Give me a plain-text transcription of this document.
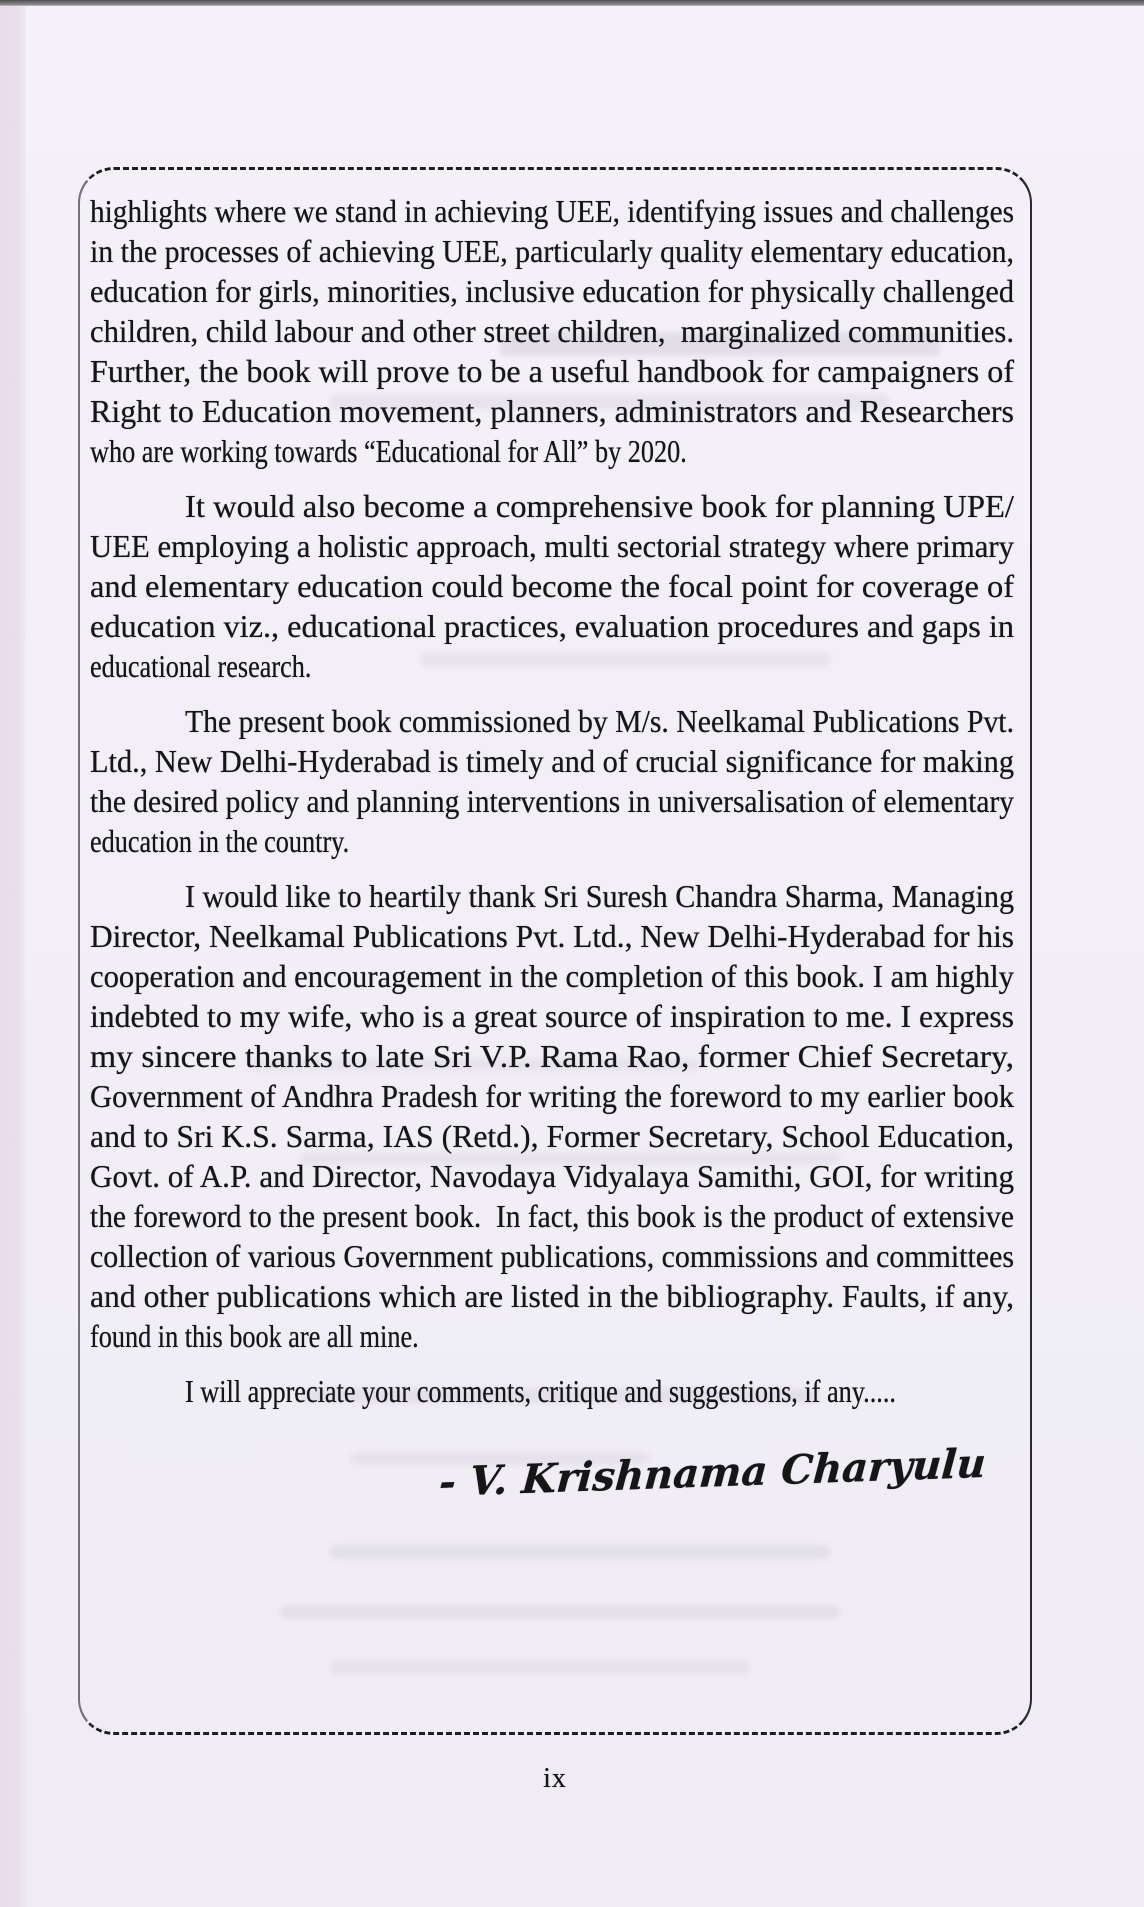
highlights where we stand in achieving UEE, identifying issues and challenges
in the processes of achieving UEE, particularly quality elementary education,
education for girls, minorities, inclusive education for physically challenged
children, child labour and other street children,  marginalized communities.
Further, the book will prove to be a useful handbook for campaigners of
Right to Education movement, planners, administrators and Researchers
who are working towards “Educational for All” by 2020.
It would also become a comprehensive book for planning UPE/
UEE employing a holistic approach, multi sectorial strategy where primary
and elementary education could become the focal point for coverage of
education viz., educational practices, evaluation procedures and gaps in
educational research.
The present book commissioned by M/s. Neelkamal Publications Pvt.
Ltd., New Delhi-Hyderabad is timely and of crucial significance for making
the desired policy and planning interventions in universalisation of elementary
education in the country.
I would like to heartily thank Sri Suresh Chandra Sharma, Managing
Director, Neelkamal Publications Pvt. Ltd., New Delhi-Hyderabad for his
cooperation and encouragement in the completion of this book. I am highly
indebted to my wife, who is a great source of inspiration to me. I express
my sincere thanks to late Sri V.P. Rama Rao, former Chief Secretary,
Government of Andhra Pradesh for writing the foreword to my earlier book
and to Sri K.S. Sarma, IAS (Retd.), Former Secretary, School Education,
Govt. of A.P. and Director, Navodaya Vidyalaya Samithi, GOI, for writing
the foreword to the present book.  In fact, this book is the product of extensive
collection of various Government publications, commissions and committees
and other publications which are listed in the bibliography. Faults, if any,
found in this book are all mine.
I will appreciate your comments, critique and suggestions, if any.....
- V. Krishnama Charyulu
ix
